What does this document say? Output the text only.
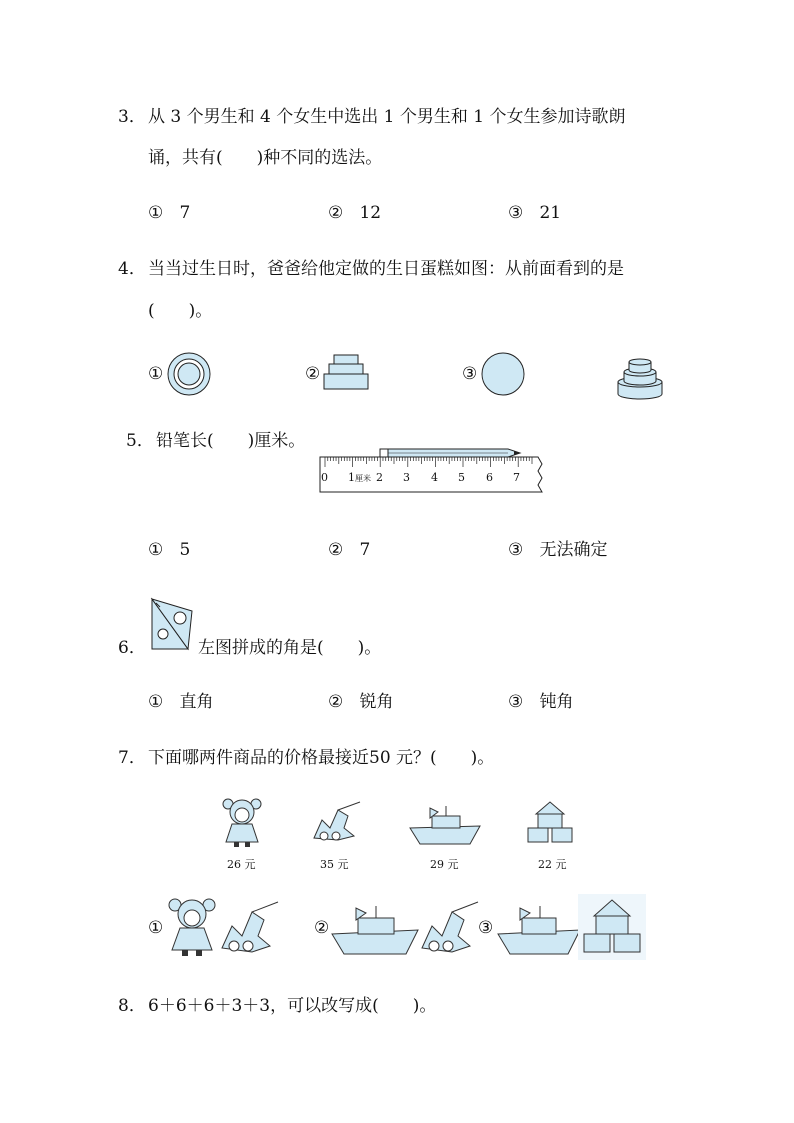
3． 从 3 个男生和 4 个女生中选出 1 个男生和 1 个女生参加诗歌朗
诵，共有(　　)种不同的选法。
① 7	② 12	③ 21
4． 当当过生日时，爸爸给他定做的生日蛋糕如图：从前面看到的是
(　　)。
①	②	③
5． 铅笔长(　　)厘米。
0 1 厘米 2 3 4 5 6 7
① 5	② 7	③ 无法确定
6．	左图拼成的角是(　　)。
① 直角	② 锐角	③ 钝角
7． 下面哪两件商品的价格最接近50 元？(　　)。
26 元	35 元	29 元	22 元
①	②	③
8． 6＋6＋6＋3＋3，可以改写成(　　)。
